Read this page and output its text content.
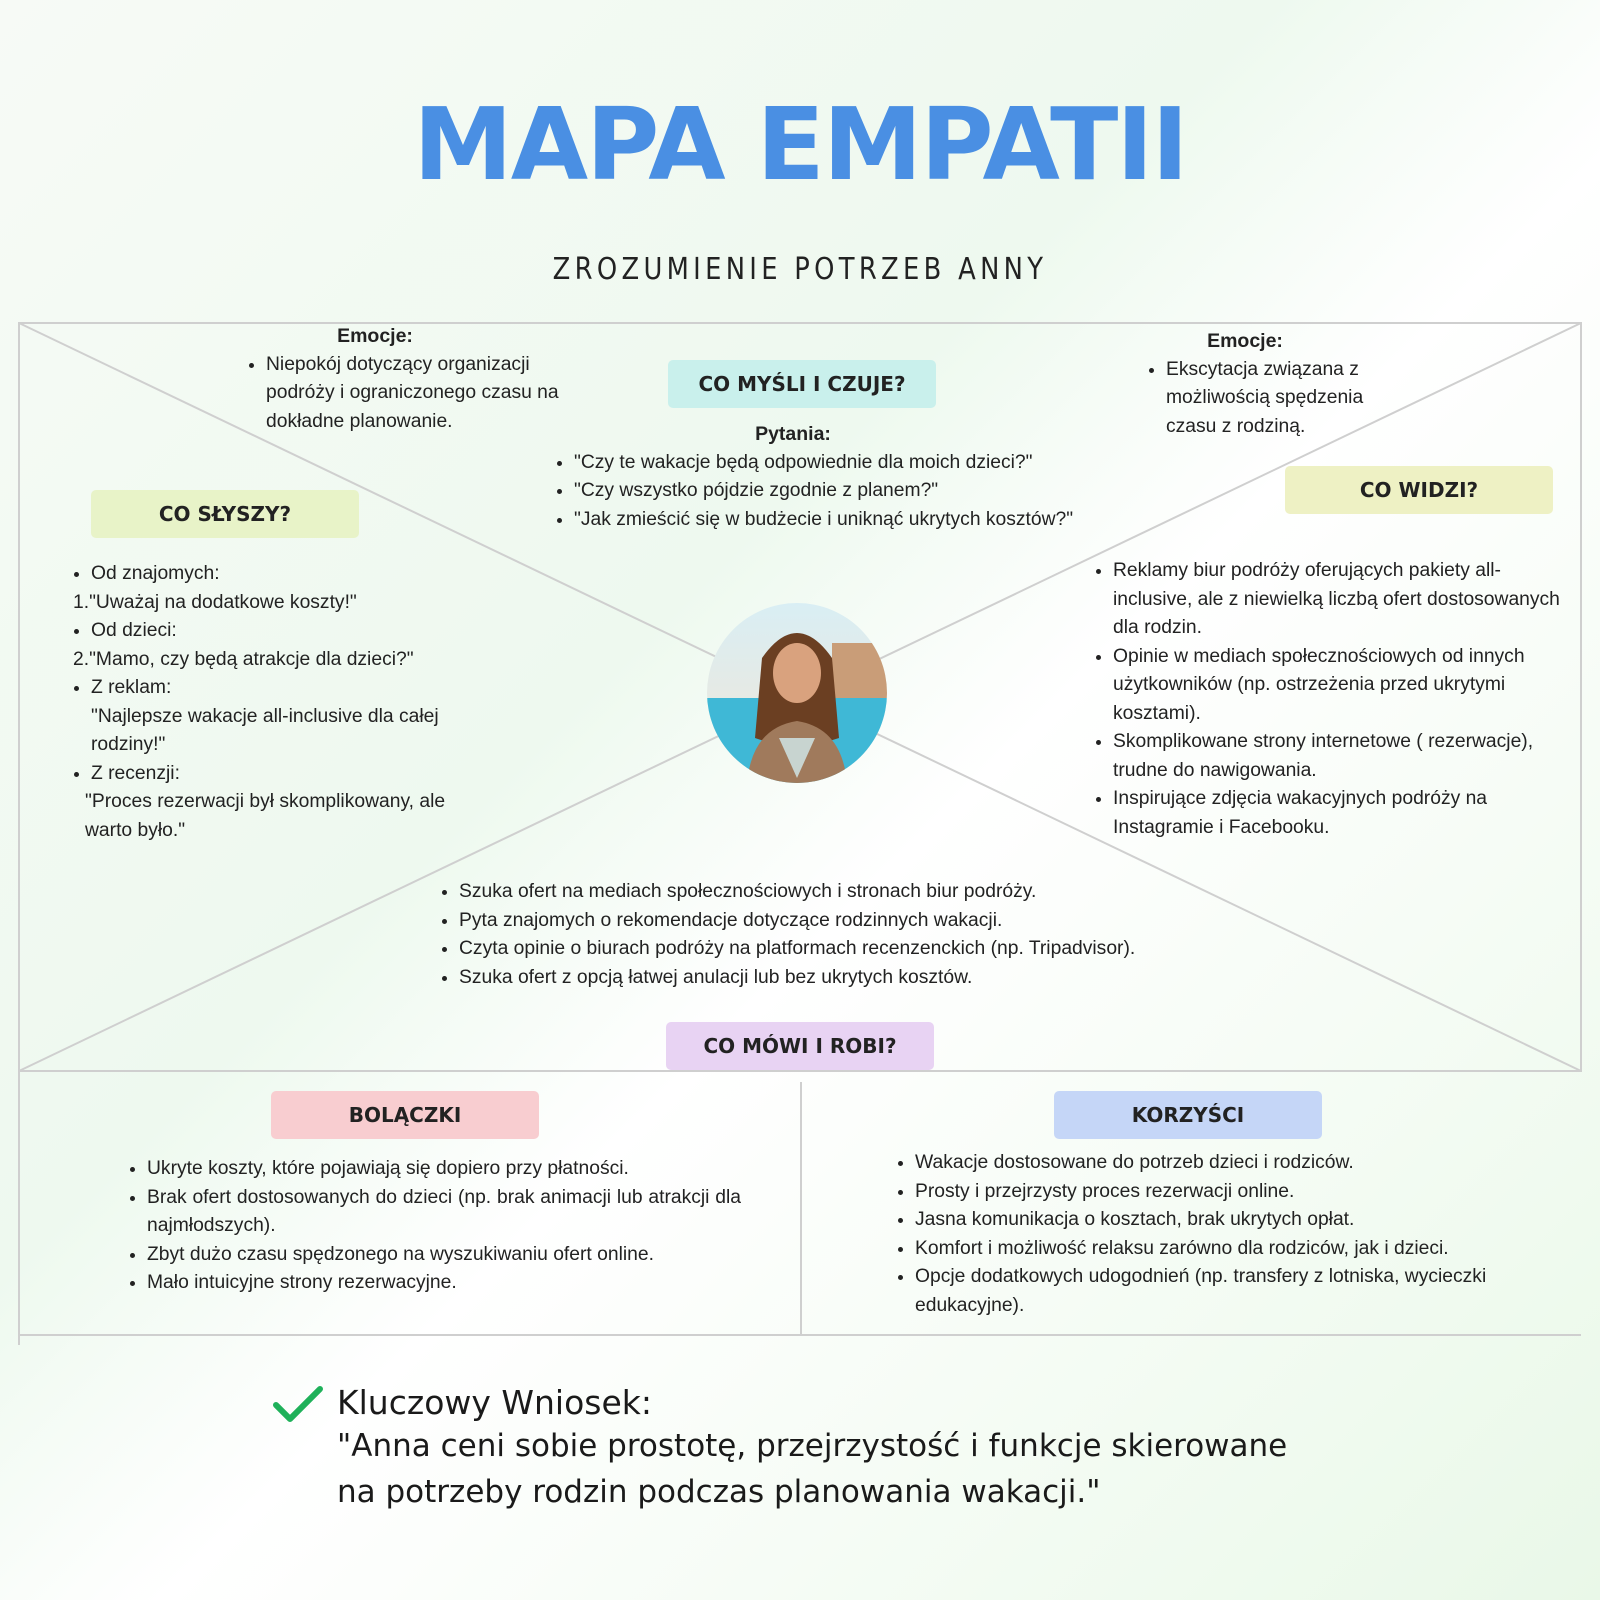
MAPA EMPATII
ZROZUMIENIE POTRZEB ANNY
CO MYŚLI I CZUJE?
Emocje:
• Niepokój dotyczący organizacji podróży i ograniczonego czasu na dokładne planowanie.
Emocje:
• Ekscytacja związana z możliwością spędzenia czasu z rodziną.
Pytania:
• "Czy te wakacje będą odpowiednie dla moich dzieci?"
• "Czy wszystko pójdzie zgodnie z planem?"
• "Jak zmieścić się w budżecie i uniknąć ukrytych kosztów?"
CO SŁYSZY?
• Od znajomych:
1."Uważaj na dodatkowe koszty!"
• Od dzieci:
2."Mamo, czy będą atrakcje dla dzieci?"
• Z reklam:
"Najlepsze wakacje all-inclusive dla całej rodziny!"
• Z recenzji:
"Proces rezerwacji był skomplikowany, ale warto było."
CO WIDZI?
• Reklamy biur podróży oferujących pakiety all-inclusive, ale z niewielką liczbą ofert dostosowanych dla rodzin.
• Opinie w mediach społecznościowych od innych użytkowników (np. ostrzeżenia przed ukrytymi kosztami).
• Skomplikowane strony internetowe ( rezerwacje), trudne do nawigowania.
• Inspirujące zdjęcia wakacyjnych podróży na Instagramie i Facebooku.
• Szuka ofert na mediach społecznościowych i stronach biur podróży.
• Pyta znajomych o rekomendacje dotyczące rodzinnych wakacji.
• Czyta opinie o biurach podróży na platformach recenzenckich (np. Tripadvisor).
• Szuka ofert z opcją łatwej anulacji lub bez ukrytych kosztów.
CO MÓWI I ROBI?
BOLĄCZKI
• Ukryte koszty, które pojawiają się dopiero przy płatności.
• Brak ofert dostosowanych do dzieci (np. brak animacji lub atrakcji dla najmłodszych).
• Zbyt dużo czasu spędzonego na wyszukiwaniu ofert online.
• Mało intuicyjne strony rezerwacyjne.
KORZYŚCI
• Wakacje dostosowane do potrzeb dzieci i rodziców.
• Prosty i przejrzysty proces rezerwacji online.
• Jasna komunikacja o kosztach, brak ukrytych opłat.
• Komfort i możliwość relaksu zarówno dla rodziców, jak i dzieci.
• Opcje dodatkowych udogodnień (np. transfery z lotniska, wycieczki edukacyjne).
Kluczowy Wniosek:
"Anna ceni sobie prostotę, przejrzystość i funkcje skierowane
na potrzeby rodzin podczas planowania wakacji."
